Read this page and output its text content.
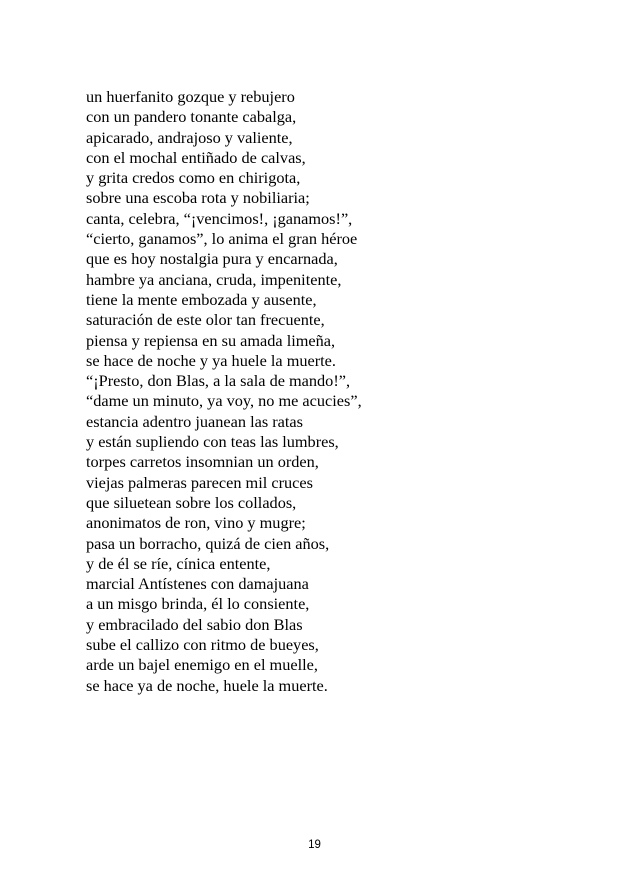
un huerfanito gozque y rebujero
con un pandero tonante cabalga,
apicarado, andrajoso y valiente,
con el mochal entiñado de calvas,
y grita credos como en chirigota,
sobre una escoba rota y nobiliaria;
canta, celebra, “¡vencimos!, ¡ganamos!”,
“cierto, ganamos”, lo anima el gran héroe
que es hoy nostalgia pura y encarnada,
hambre ya anciana, cruda, impenitente,
tiene la mente embozada y ausente,
saturación de este olor tan frecuente,
piensa y repiensa en su amada limeña,
se hace de noche y ya huele la muerte.
“¡Presto, don Blas, a la sala de mando!”,
“dame un minuto, ya voy, no me acucies”,
estancia adentro juanean las ratas
y están supliendo con teas las lumbres,
torpes carretos insomnian un orden,
viejas palmeras parecen mil cruces
que siluetean sobre los collados,
anonimatos de ron, vino y mugre;
pasa un borracho, quizá de cien años,
y de él se ríe, cínica entente,
marcial Antístenes con damajuana
a un misgo brinda, él lo consiente,
y embracilado del sabio don Blas
sube el callizo con ritmo de bueyes,
arde un bajel enemigo en el muelle,
se hace ya de noche, huele la muerte.
19
